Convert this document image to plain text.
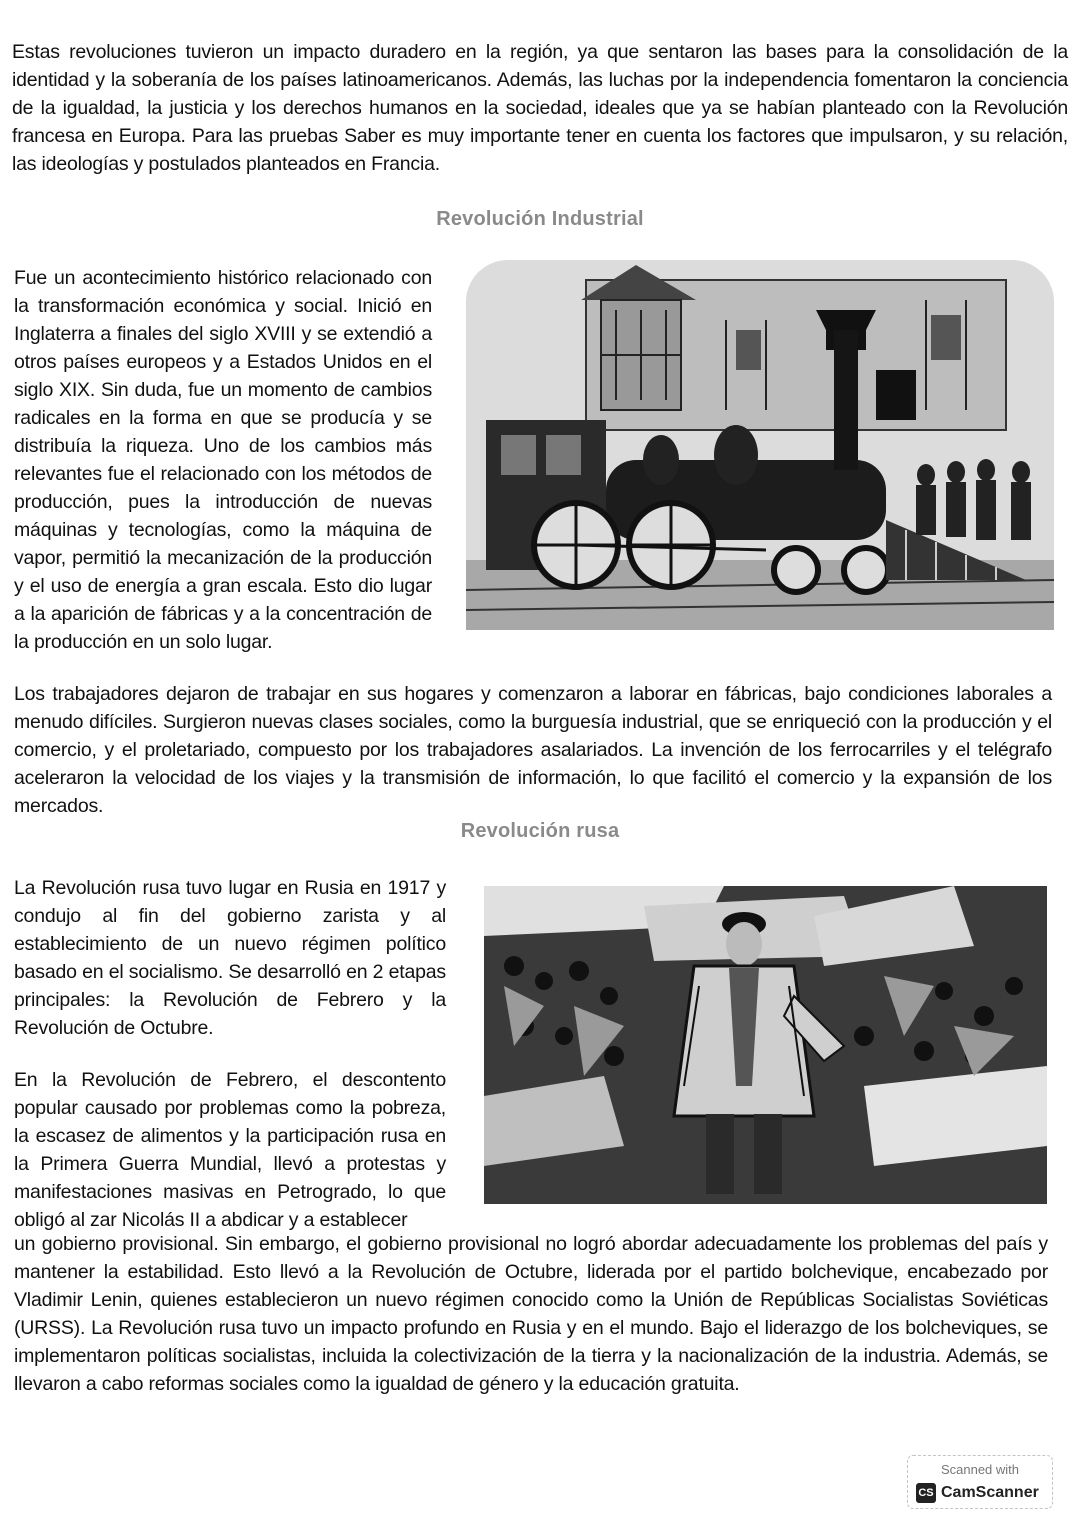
Estas revoluciones tuvieron un impacto duradero en la región, ya que sentaron las bases para la consolidación de la identidad y la soberanía de los países latinoamericanos. Además, las luchas por la independencia fomentaron la conciencia de la igualdad, la justicia y los derechos humanos en la sociedad, ideales que ya se habían planteado con la Revolución francesa en Europa. Para las pruebas Saber es muy importante tener en cuenta los factores que impulsaron, y su relación, las ideologías y postulados planteados en Francia.

Revolución Industrial

Fue un acontecimiento histórico relacionado con la transformación económica y social. Inició en Inglaterra a finales del siglo XVIII y se extendió a otros países europeos y a Estados Unidos en el siglo XIX. Sin duda, fue un momento de cambios radicales en la forma en que se producía y se distribuía la riqueza. Uno de los cambios más relevantes fue el relacionado con los métodos de producción, pues la introducción de nuevas máquinas y tecnologías, como la máquina de vapor, permitió la mecanización de la producción y el uso de energía a gran escala. Esto dio lugar a la aparición de fábricas y a la concentración de la producción en un solo lugar.

Los trabajadores dejaron de trabajar en sus hogares y comenzaron a laborar en fábricas, bajo condiciones laborales a menudo difíciles. Surgieron nuevas clases sociales, como la burguesía industrial, que se enriqueció con la producción y el comercio, y el proletariado, compuesto por los trabajadores asalariados. La invención de los ferrocarriles y el telégrafo aceleraron la velocidad de los viajes y la transmisión de información, lo que facilitó el comercio y la expansión de los mercados.

Revolución rusa

La Revolución rusa tuvo lugar en Rusia en 1917 y condujo al fin del gobierno zarista y al establecimiento de un nuevo régimen político basado en el socialismo. Se desarrolló en 2 etapas principales: la Revolución de Febrero y la Revolución de Octubre.

En la Revolución de Febrero, el descontento popular causado por problemas como la pobreza, la escasez de alimentos y la participación rusa en la Primera Guerra Mundial, llevó a protestas y manifestaciones masivas en Petrogrado, lo que obligó al zar Nicolás II a abdicar y a establecer

un gobierno provisional. Sin embargo, el gobierno provisional no logró abordar adecuadamente los problemas del país y mantener la estabilidad. Esto llevó a la Revolución de Octubre, liderada por el partido bolchevique, encabezado por Vladimir Lenin, quienes establecieron un nuevo régimen conocido como la Unión de Repúblicas Socialistas Soviéticas (URSS). La Revolución rusa tuvo un impacto profundo en Rusia y en el mundo. Bajo el liderazgo de los bolcheviques, se implementaron políticas socialistas, incluida la colectivización de la tierra y la nacionalización de la industria. Además, se llevaron a cabo reformas sociales como la igualdad de género y la educación gratuita.

Scanned with
CS CamScanner
